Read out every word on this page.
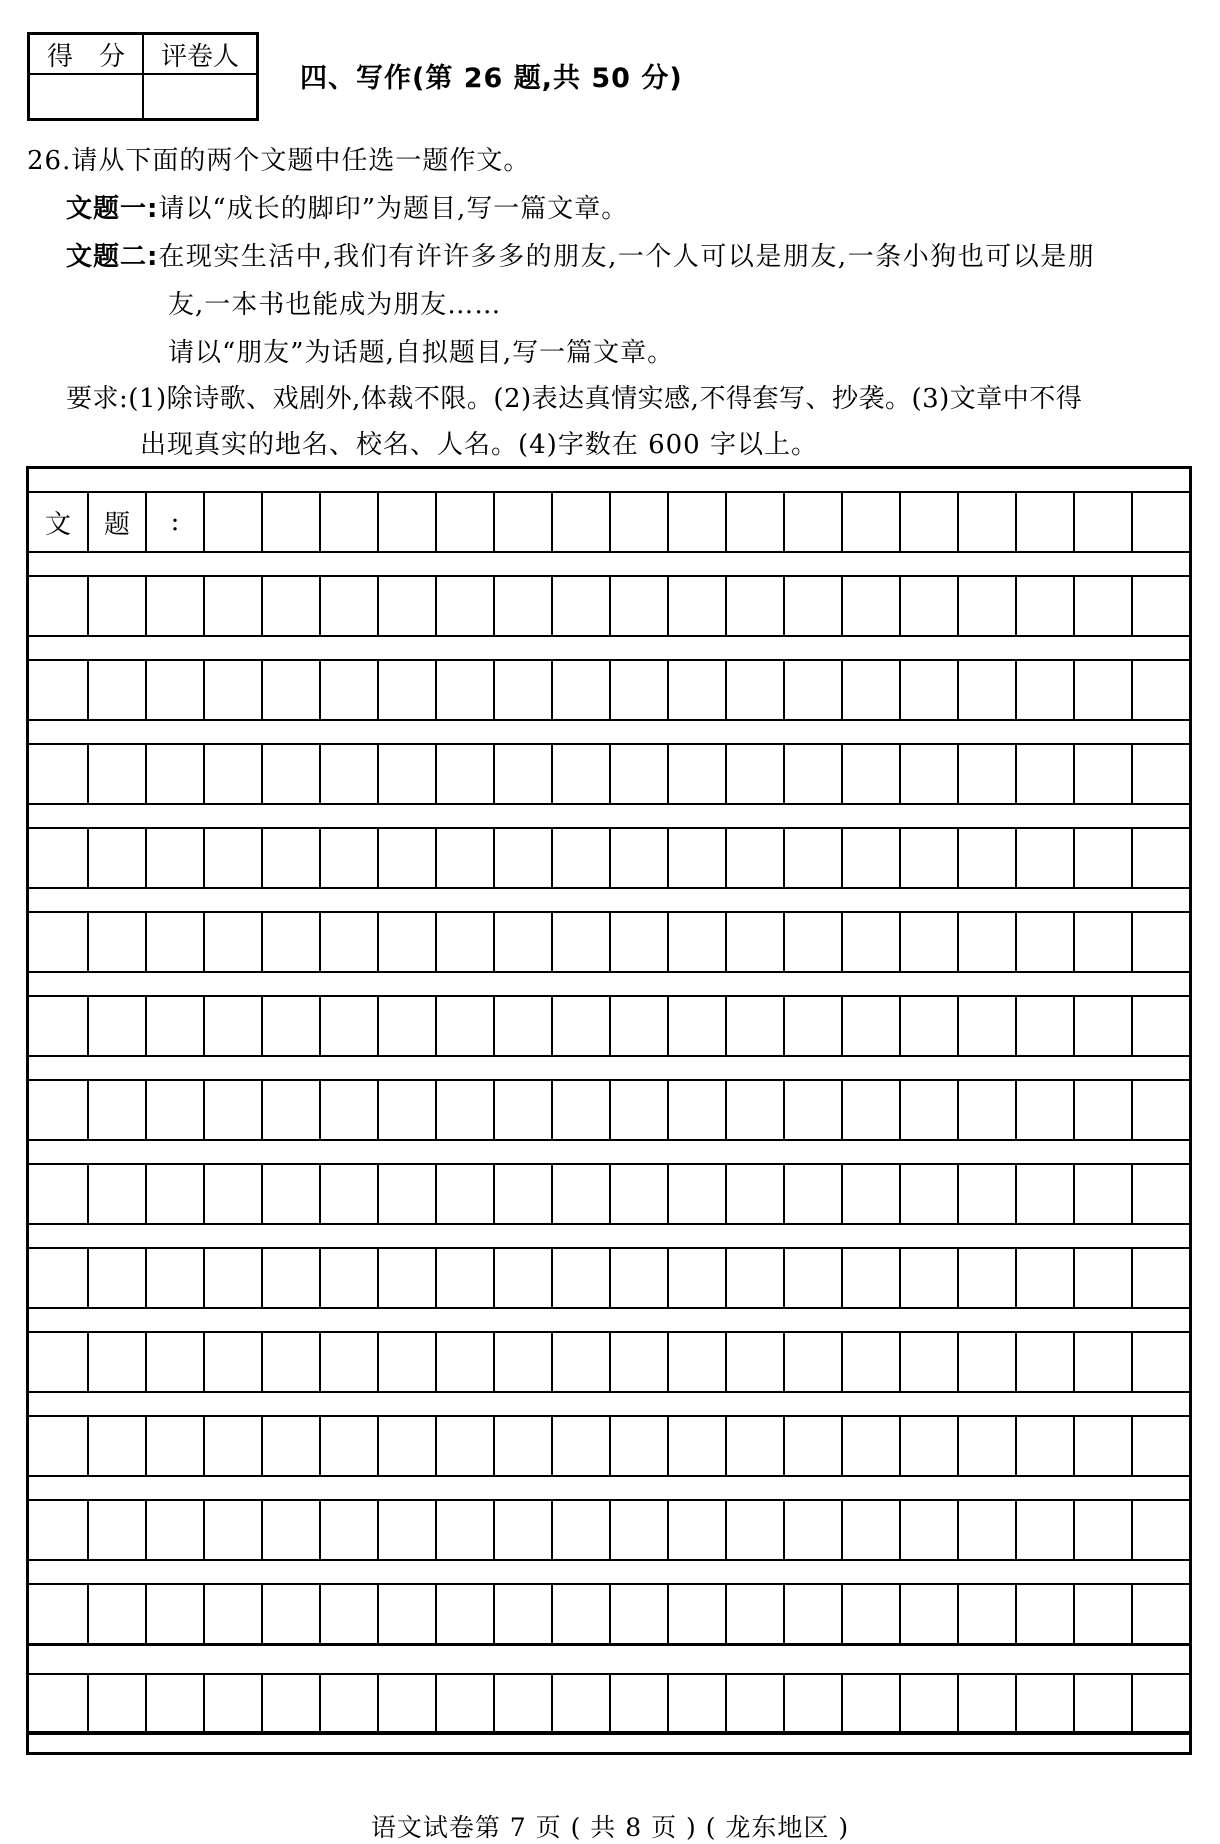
得　分	评卷人

四、写作(第 26 题,共 50 分)
26.请从下面的两个文题中任选一题作文。
文题一:请以“成长的脚印”为题目,写一篇文章。
文题二:在现实生活中,我们有许许多多的朋友,一个人可以是朋友,一条小狗也可以是朋
友,一本书也能成为朋友……
请以“朋友”为话题,自拟题目,写一篇文章。
要求:(1)除诗歌、戏剧外,体裁不限。(2)表达真情实感,不得套写、抄袭。(3)文章中不得
出现真实的地名、校名、人名。(4)字数在 600 字以上。
文	题	:
语文试卷第 7 页 ( 共 8 页 ) ( 龙东地区 )
